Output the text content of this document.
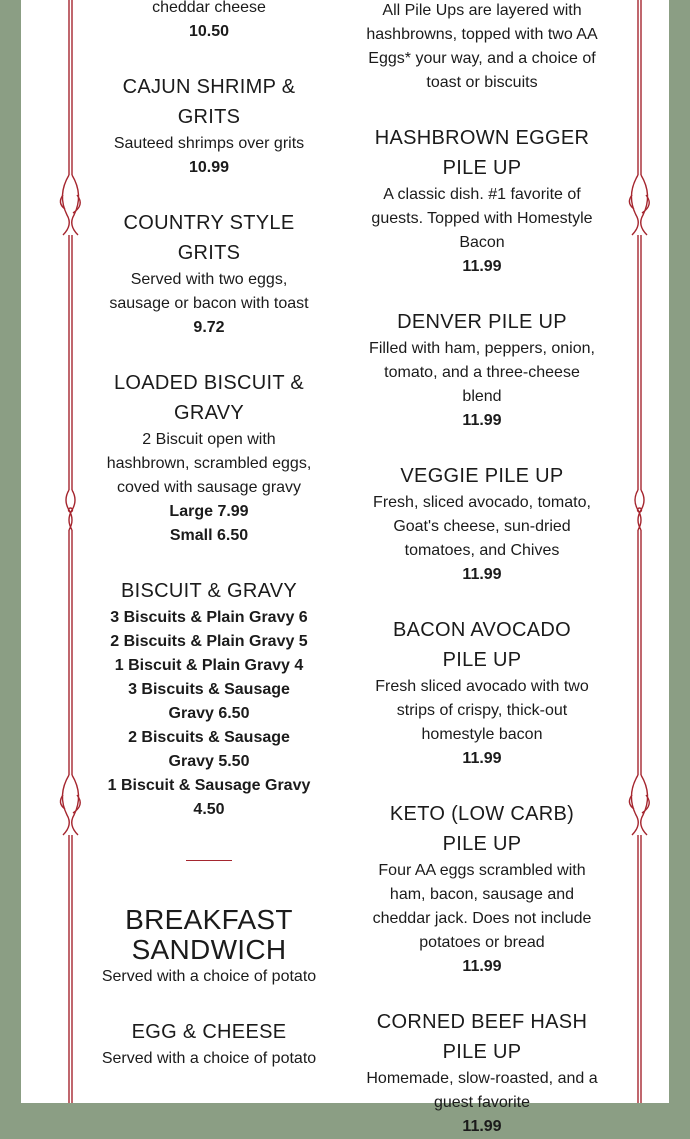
cheddar cheese

10.50

CAJUN SHRIMP & GRITS

Sauteed shrimps over grits

10.99

COUNTRY STYLE GRITS

Served with two eggs, sausage or bacon with toast

9.72

LOADED BISCUIT & GRAVY

2 Biscuit open with hashbrown, scrambled eggs, coved with sausage gravy

Large 7.99

Small 6.50

BISCUIT & GRAVY

3 Biscuits & Plain Gravy 6

2 Biscuits & Plain Gravy 5

1 Biscuit & Plain Gravy 4

3 Biscuits & Sausage Gravy 6.50

2 Biscuits & Sausage Gravy 5.50

1 Biscuit & Sausage Gravy 4.50

BREAKFAST SANDWICH

Served with a choice of potato

EGG & CHEESE

Served with a choice of potato

All Pile Ups are layered with hashbrowns, topped with two AA Eggs* your way, and a choice of toast or biscuits

HASHBROWN EGGER PILE UP

A classic dish. #1 favorite of guests. Topped with Homestyle Bacon

11.99

DENVER PILE UP

Filled with ham, peppers, onion, tomato, and a three-cheese blend

11.99

VEGGIE PILE UP

Fresh, sliced avocado, tomato, Goat's cheese, sun-dried tomatoes, and Chives

11.99

BACON AVOCADO PILE UP

Fresh sliced avocado with two strips of crispy, thick-out homestyle bacon

11.99

KETO (LOW CARB) PILE UP

Four AA eggs scrambled with ham, bacon, sausage and cheddar jack. Does not include potatoes or bread

11.99

CORNED BEEF HASH PILE UP

Homemade, slow-roasted, and a guest favorite

11.99
